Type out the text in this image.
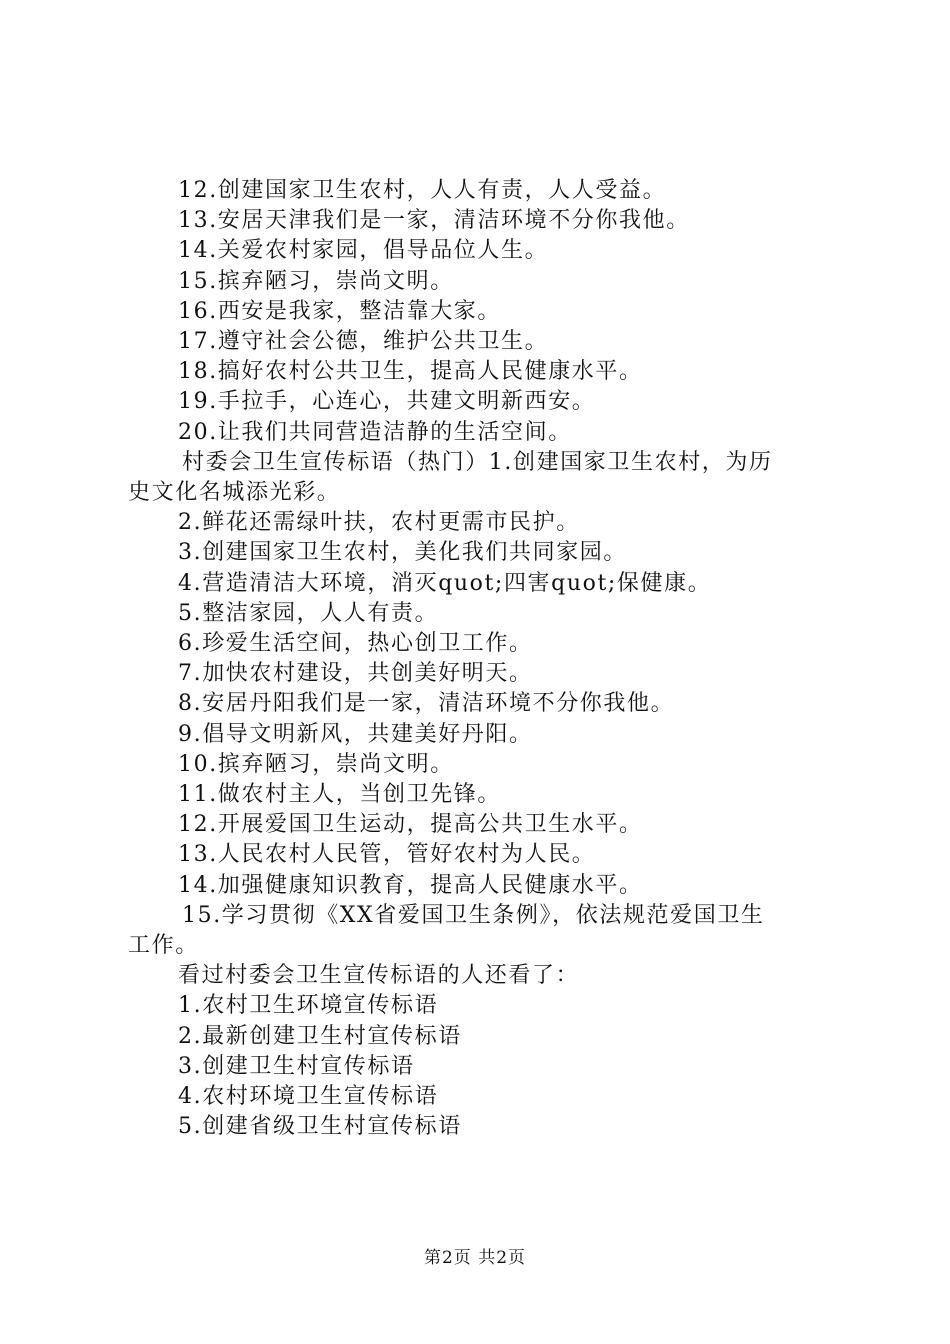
12.创建国家卫生农村，人人有责，人人受益。
13.安居天津我们是一家，清洁环境不分你我他。
14.关爱农村家园，倡导品位人生。
15.摈弃陋习，崇尚文明。
16.西安是我家，整洁靠大家。
17.遵守社会公德，维护公共卫生。
18.搞好农村公共卫生，提高人民健康水平。
19.手拉手，心连心，共建文明新西安。
20.让我们共同营造洁静的生活空间。
村委会卫生宣传标语（热门）1.创建国家卫生农村，为历
史文化名城添光彩。
2.鲜花还需绿叶扶，农村更需市民护。
3.创建国家卫生农村，美化我们共同家园。
4.营造清洁大环境，消灭quot;四害quot;保健康。
5.整洁家园，人人有责。
6.珍爱生活空间，热心创卫工作。
7.加快农村建设，共创美好明天。
8.安居丹阳我们是一家，清洁环境不分你我他。
9.倡导文明新风，共建美好丹阳。
10.摈弃陋习，崇尚文明。
11.做农村主人，当创卫先锋。
12.开展爱国卫生运动，提高公共卫生水平。
13.人民农村人民管，管好农村为人民。
14.加强健康知识教育，提高人民健康水平。
15.学习贯彻《XX省爱国卫生条例》，依法规范爱国卫生
工作。
看过村委会卫生宣传标语的人还看了：
1.农村卫生环境宣传标语
2.最新创建卫生村宣传标语
3.创建卫生村宣传标语
4.农村环境卫生宣传标语
5.创建省级卫生村宣传标语
第2页 共2页
